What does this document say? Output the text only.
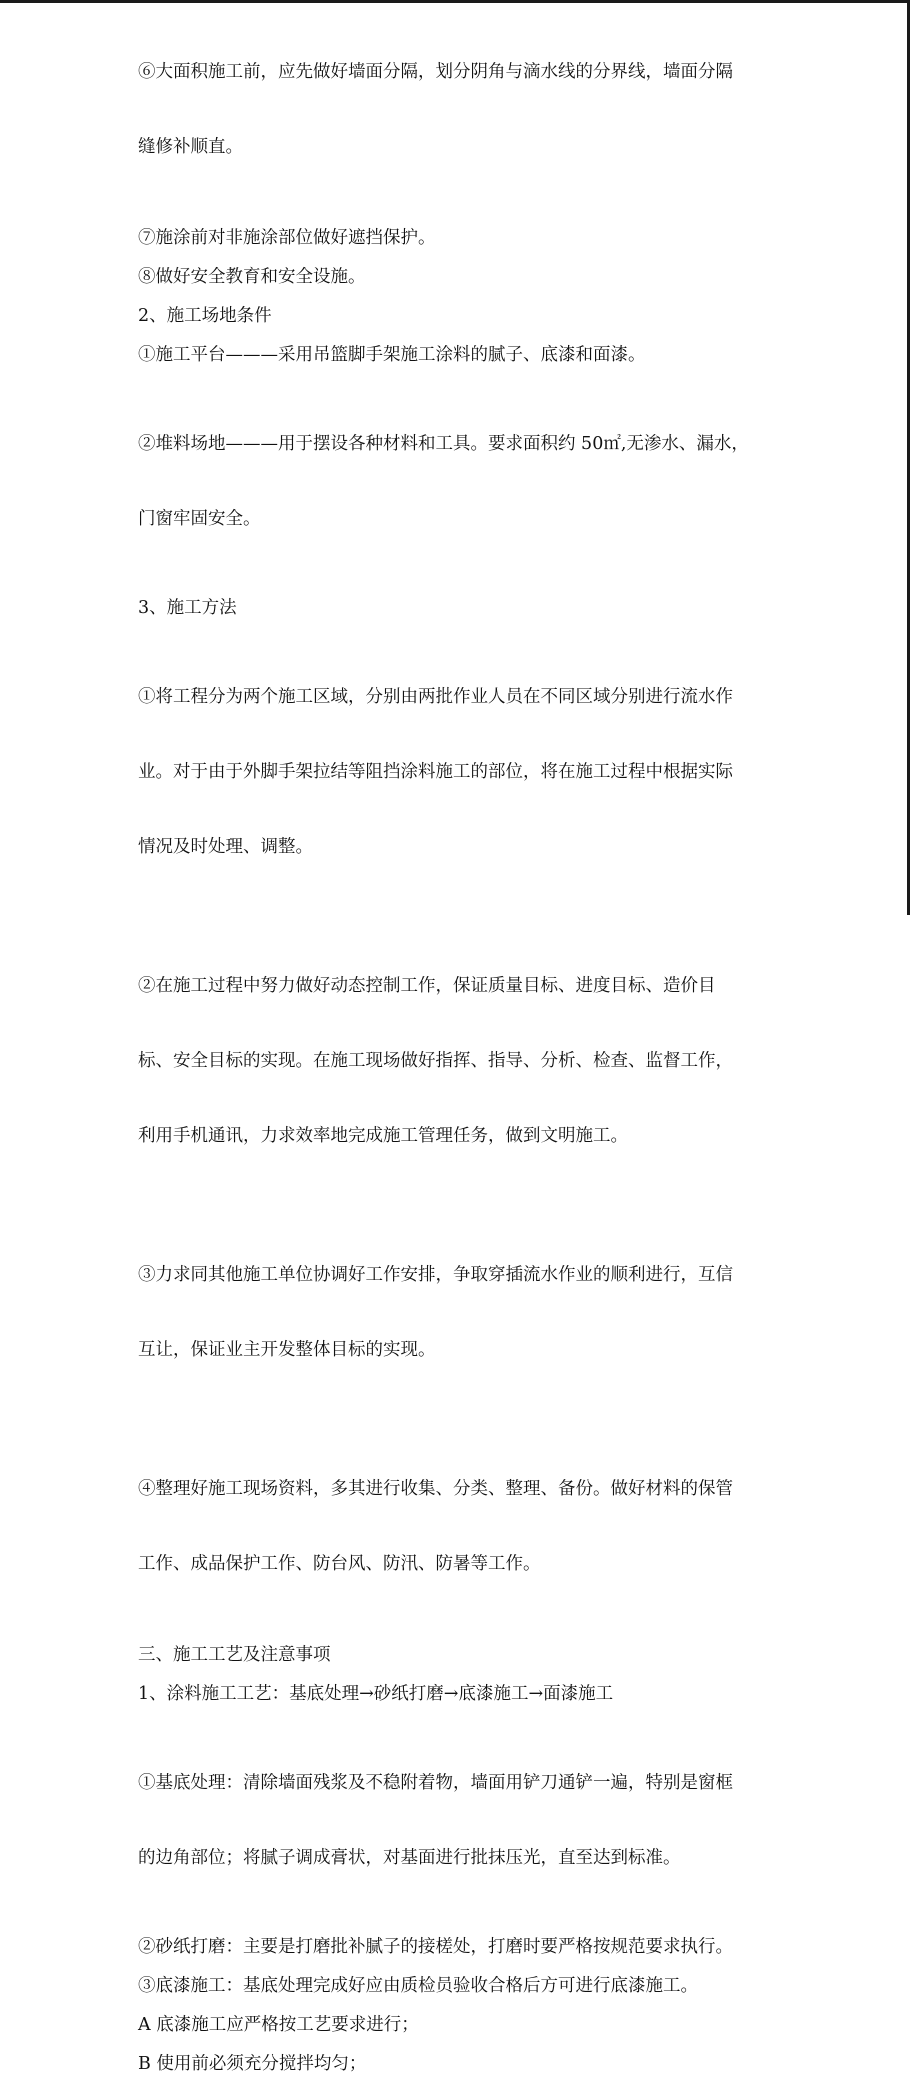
⑥大面积施工前，应先做好墙面分隔，划分阴角与滴水线的分界线，墙面分隔

缝修补顺直。

⑦施涂前对非施涂部位做好遮挡保护。
⑧做好安全教育和安全设施。
2、施工场地条件
①施工平台———采用吊篮脚手架施工涂料的腻子、底漆和面漆。

②堆料场地———用于摆设各种材料和工具。要求面积约 50㎡,无渗水、漏水，

门窗牢固安全。

3、施工方法

①将工程分为两个施工区域，分别由两批作业人员在不同区域分别进行流水作

业。对于由于外脚手架拉结等阻挡涂料施工的部位，将在施工过程中根据实际

情况及时处理、调整。

②在施工过程中努力做好动态控制工作，保证质量目标、进度目标、造价目

标、安全目标的实现。在施工现场做好指挥、指导、分析、检查、监督工作，

利用手机通讯，力求效率地完成施工管理任务，做到文明施工。

③力求同其他施工单位协调好工作安排，争取穿插流水作业的顺利进行，互信

互让，保证业主开发整体目标的实现。

④整理好施工现场资料，多其进行收集、分类、整理、备份。做好材料的保管

工作、成品保护工作、防台风、防汛、防暑等工作。

三、施工工艺及注意事项
1、涂料施工工艺：基底处理→砂纸打磨→底漆施工→面漆施工

①基底处理：清除墙面残浆及不稳附着物，墙面用铲刀通铲一遍，特别是窗框

的边角部位；将腻子调成膏状，对基面进行批抹压光，直至达到标准。

②砂纸打磨：主要是打磨批补腻子的接槎处，打磨时要严格按规范要求执行。
③底漆施工：基底处理完成好应由质检员验收合格后方可进行底漆施工。
A 底漆施工应严格按工艺要求进行；
B 使用前必须充分搅拌均匀；
